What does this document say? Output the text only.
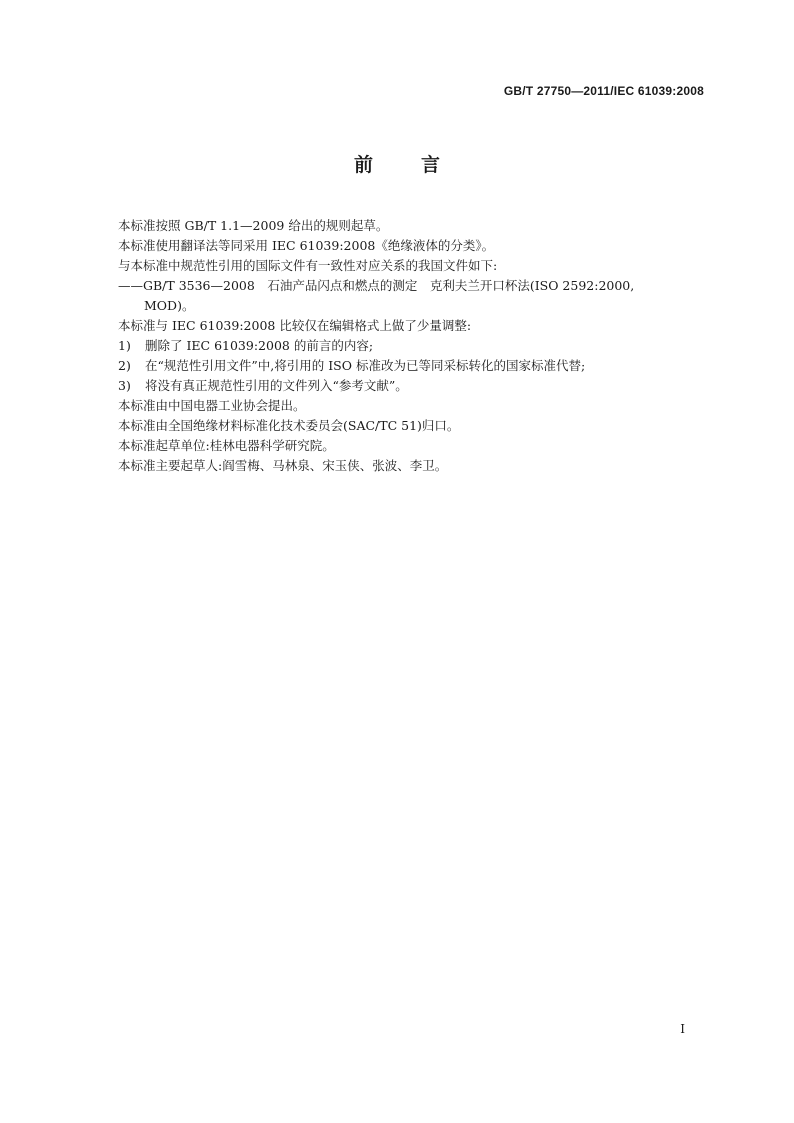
GB/T 27750—2011/IEC 61039:2008
前言

本标准按照 GB/T 1.1—2009 给出的规则起草。

本标准使用翻译法等同采用 IEC 61039:2008《绝缘液体的分类》。

与本标准中规范性引用的国际文件有一致性对应关系的我国文件如下:

——GB/T 3536—2008　石油产品闪点和燃点的测定　克利夫兰开口杯法(ISO 2592:2000,

MOD)。

本标准与 IEC 61039:2008 比较仅在编辑格式上做了少量调整:

1)	删除了 IEC 61039:2008 的前言的内容;
2)	在“规范性引用文件”中,将引用的 ISO 标准改为已等同采标转化的国家标准代替;
3)	将没有真正规范性引用的文件列入“参考文献”。

本标准由中国电器工业协会提出。

本标准由全国绝缘材料标准化技术委员会(SAC/TC 51)归口。

本标准起草单位:桂林电器科学研究院。

本标准主要起草人:阎雪梅、马林泉、宋玉侠、张波、李卫。

I
